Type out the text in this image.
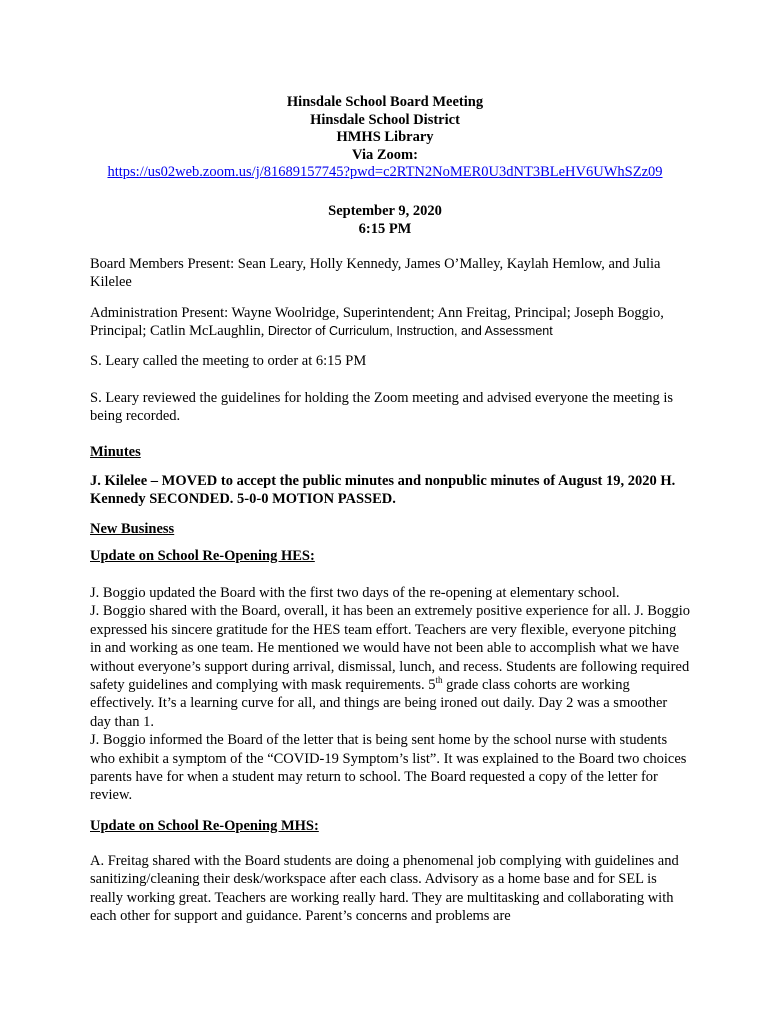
Hinsdale School Board Meeting
Hinsdale School District
HMHS Library
Via Zoom:
https://us02web.zoom.us/j/81689157745?pwd=c2RTN2NoMER0U3dNT3BLeHV6UWhSZz09
September 9, 2020
6:15 PM
Board Members Present: Sean Leary, Holly Kennedy, James O’Malley, Kaylah Hemlow, and Julia Kilelee
Administration Present: Wayne Woolridge, Superintendent; Ann Freitag, Principal; Joseph Boggio, Principal; Catlin McLaughlin, Director of Curriculum, Instruction, and Assessment
S. Leary called the meeting to order at 6:15 PM
S. Leary reviewed the guidelines for holding the Zoom meeting and advised everyone the meeting is being recorded.
Minutes
J. Kilelee – MOVED to accept the public minutes and nonpublic minutes of August 19, 2020 H. Kennedy SECONDED. 5-0-0 MOTION PASSED.
New Business
Update on School Re-Opening HES:
J. Boggio updated the Board with the first two days of the re-opening at elementary school.
J. Boggio shared with the Board, overall, it has been an extremely positive experience for all. J. Boggio expressed his sincere gratitude for the HES team effort. Teachers are very flexible, everyone pitching in and working as one team. He mentioned we would have not been able to accomplish what we have without everyone’s support during arrival, dismissal, lunch, and recess. Students are following required safety guidelines and complying with mask requirements. 5th grade class cohorts are working effectively. It’s a learning curve for all, and things are being ironed out daily. Day 2 was a smoother day than 1.
J. Boggio informed the Board of the letter that is being sent home by the school nurse with students who exhibit a symptom of the “COVID-19 Symptom’s list”. It was explained to the Board two choices parents have for when a student may return to school. The Board requested a copy of the letter for review.
Update on School Re-Opening MHS:
A. Freitag shared with the Board students are doing a phenomenal job complying with guidelines and sanitizing/cleaning their desk/workspace after each class. Advisory as a home base and for SEL is really working great. Teachers are working really hard. They are multitasking and collaborating with each other for support and guidance. Parent’s concerns and problems are
